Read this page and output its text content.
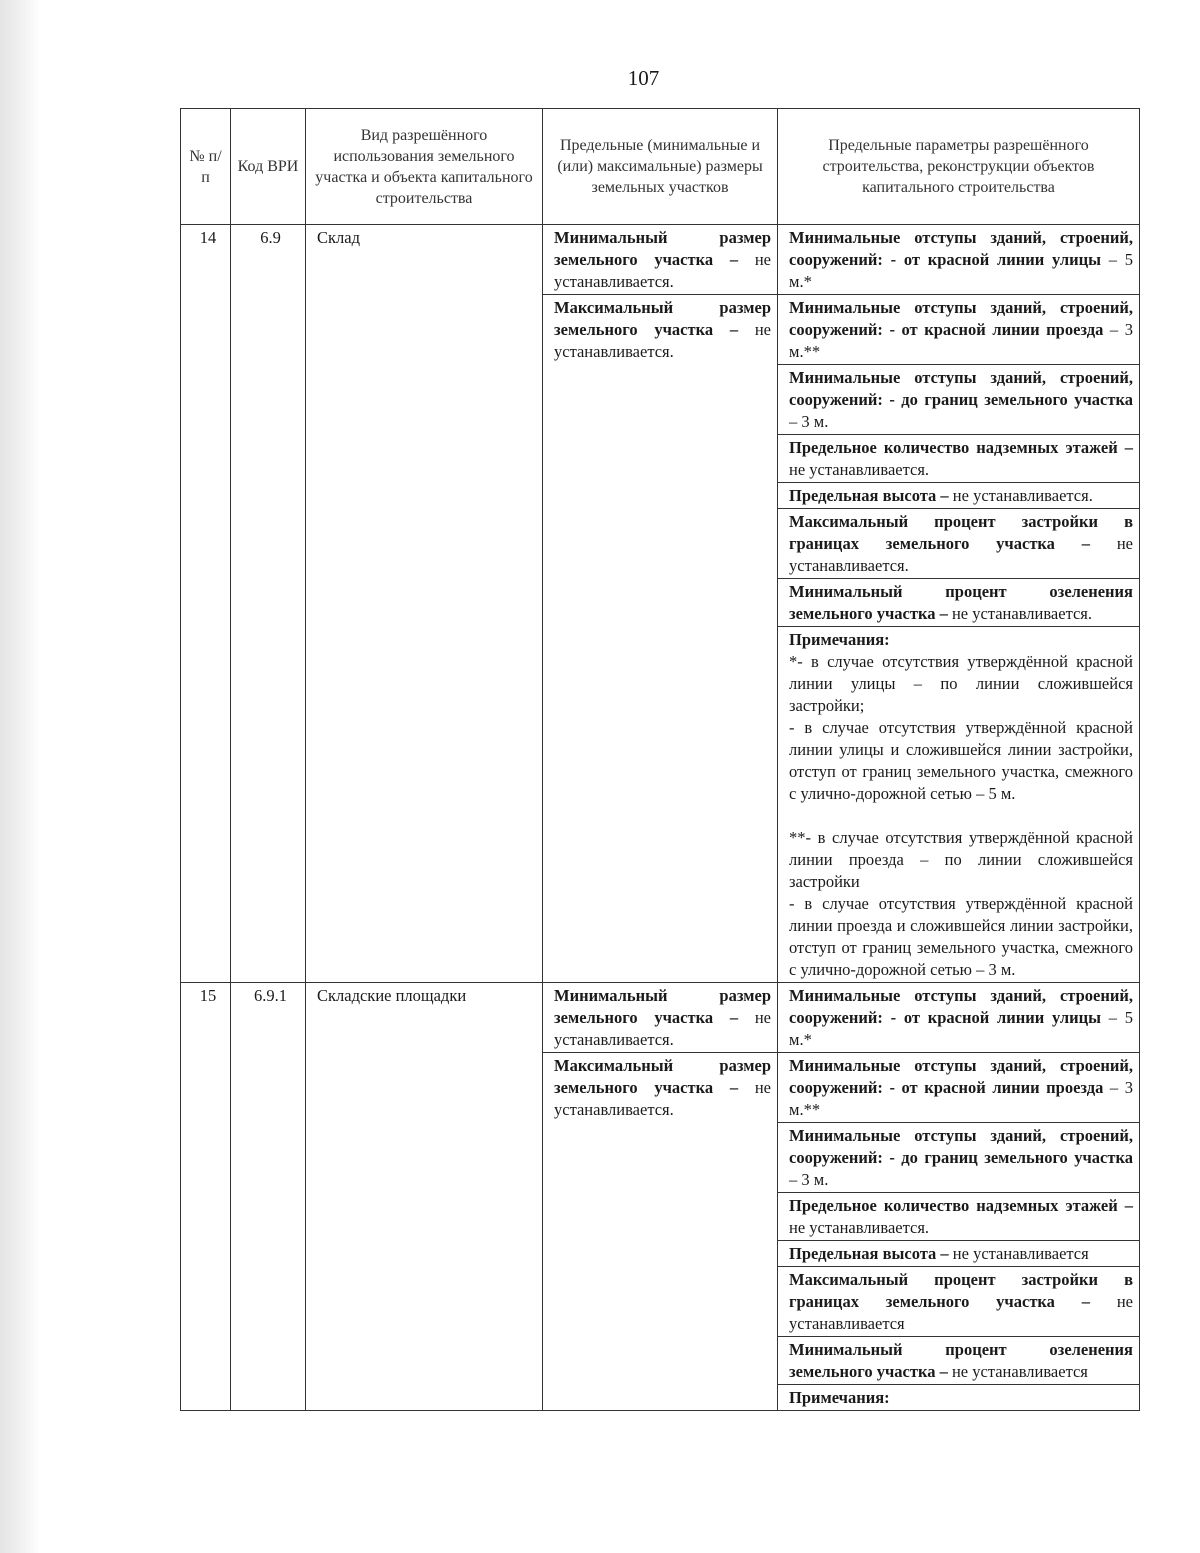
107
№ п/п	Код ВРИ	Вид разрешённого использования земельного участка и объекта капитального строительства	Предельные (минимальные и (или) максимальные) размеры земельных участков	Предельные параметры разрешённого строительства, реконструкции объектов капитального строительства
14	6.9	Склад	Минимальный размер земельного участка – не устанавливается.	Минимальные отступы зданий, строений, сооружений: - от красной линии улицы – 5 м.*
			Максимальный размер земельного участка – не устанавливается.	Минимальные отступы зданий, строений, сооружений: - от красной линии проезда – 3 м.**
				Минимальные отступы зданий, строений, сооружений: - до границ земельного участка – 3 м.
				Предельное количество надземных этажей – не устанавливается.
				Предельная высота – не устанавливается.
				Максимальный процент застройки в границах земельного участка – не устанавливается.
				Минимальный процент озеленения земельного участка – не устанавливается.
				Примечания:
*- в случае отсутствия утверждённой красной линии улицы – по линии сложившейся застройки;
- в случае отсутствия утверждённой красной линии улицы и сложившейся линии застройки, отступ от границ земельного участка, смежного с улично-дорожной сетью – 5 м.
**- в случае отсутствия утверждённой красной линии проезда – по линии сложившейся застройки
- в случае отсутствия утверждённой красной линии проезда и сложившейся линии застройки, отступ от границ земельного участка, смежного с улично-дорожной сетью – 3 м.

15	6.9.1	Складские площадки	Минимальный размер земельного участка – не устанавливается.	Минимальные отступы зданий, строений, сооружений: - от красной линии улицы – 5 м.*
			Максимальный размер земельного участка – не устанавливается.	Минимальные отступы зданий, строений, сооружений: - от красной линии проезда – 3 м.**
				Минимальные отступы зданий, строений, сооружений: - до границ земельного участка – 3 м.
				Предельное количество надземных этажей – не устанавливается.
				Предельная высота – не устанавливается
				Максимальный процент застройки в границах земельного участка – не устанавливается
				Минимальный процент озеленения земельного участка – не устанавливается
				Примечания:
